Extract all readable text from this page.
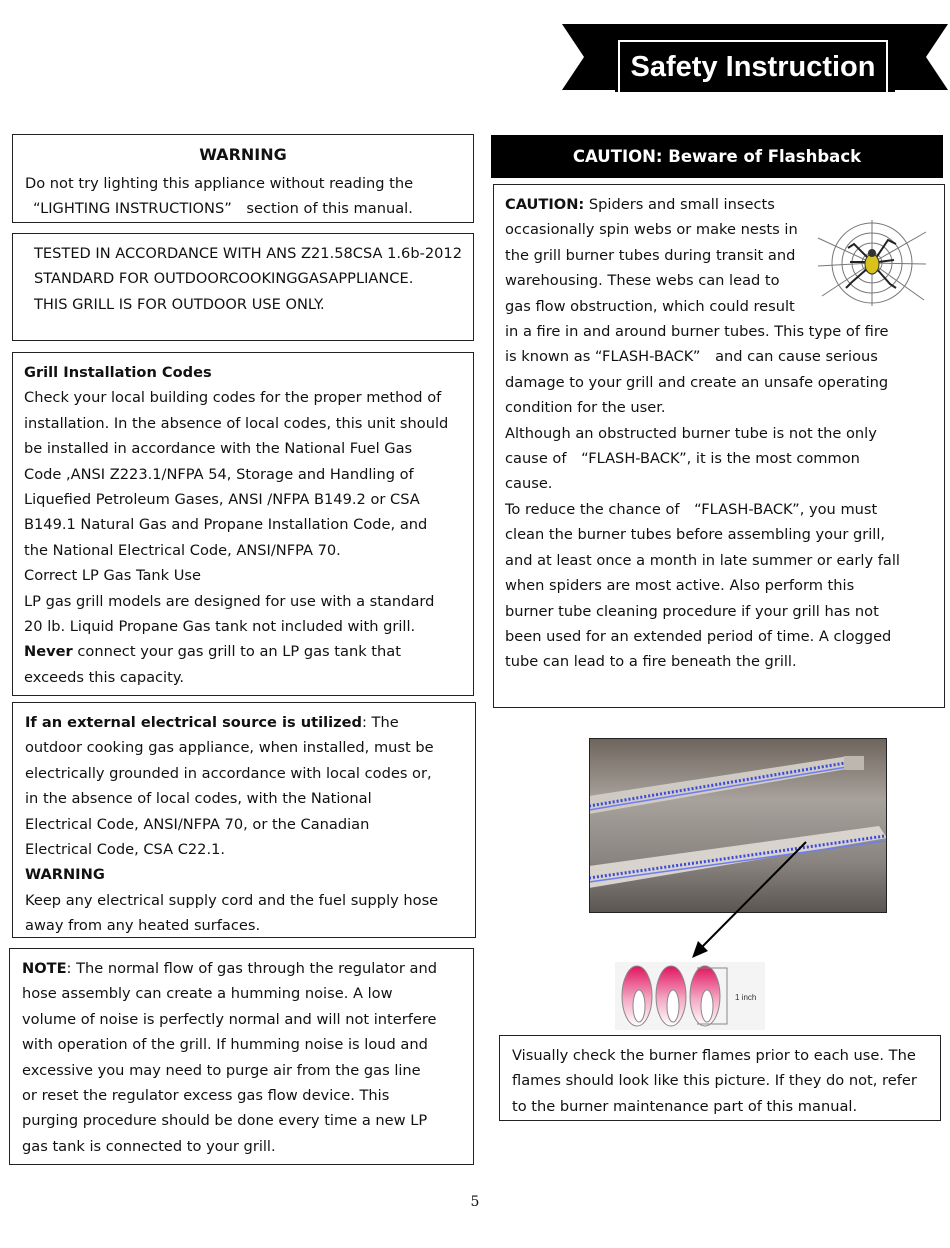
Safety Instruction
WARNING
Do not try lighting this appliance without reading the
“LIGHTING INSTRUCTIONS”　section of this manual.
TESTED IN ACCORDANCE WITH ANS Z21.58CSA 1.6b-2012
STANDARD FOR OUTDOORCOOKINGGASAPPLIANCE.
THIS GRILL IS FOR OUTDOOR USE ONLY.
Grill Installation Codes
Check your local building codes for the proper method of installation. In the absence of local codes, this unit should be installed in accordance with the National Fuel Gas Code ,ANSI Z223.1/NFPA 54, Storage and Handling of Liquefied Petroleum Gases, ANSI /NFPA B149.2 or CSA B149.1 Natural Gas and Propane Installation Code, and the National Electrical Code, ANSI/NFPA 70.
Correct LP Gas Tank Use
LP gas grill models are designed for use with a standard 20 lb. Liquid Propane Gas tank not included with grill.
Never connect your gas grill to an LP gas tank that exceeds this capacity.
If an external electrical source is utilized: The outdoor cooking gas appliance, when installed, must be electrically grounded in accordance with local codes or, in the absence of local codes, with the National Electrical Code, ANSI/NFPA 70, or the Canadian Electrical Code, CSA C22.1.
WARNING
Keep any electrical supply cord and the fuel supply hose away from any heated surfaces.
NOTE: The normal flow of gas through the regulator and hose assembly can create a humming noise. A low volume of noise is perfectly normal and will not interfere with operation of the grill. If humming noise is loud and excessive you may need to purge air from the gas line or reset the regulator excess gas flow device. This purging procedure should be done every time a new LP gas tank is connected to your grill.
CAUTION: Beware of Flashback
CAUTION: Spiders and small insects occasionally spin webs or make nests in the grill burner tubes during transit and warehousing. These webs can lead to gas flow obstruction, which could result in a fire in and around burner tubes. This type of fire is known as “FLASH-BACK”　and can cause serious damage to your grill and create an unsafe operating condition for the user.
Although an obstructed burner tube is not the only cause of　“FLASH-BACK”, it is the most common cause.
To reduce the chance of　“FLASH-BACK”, you must clean the burner tubes before assembling your grill, and at least once a month in late summer or early fall when spiders are most active. Also perform this burner tube cleaning procedure if your grill has not been used for an extended period of time. A clogged tube can lead to a fire beneath the grill.
1 inch
Visually check the burner flames prior to each use. The flames should look like this picture. If they do not, refer to the burner maintenance part of this manual.
5
